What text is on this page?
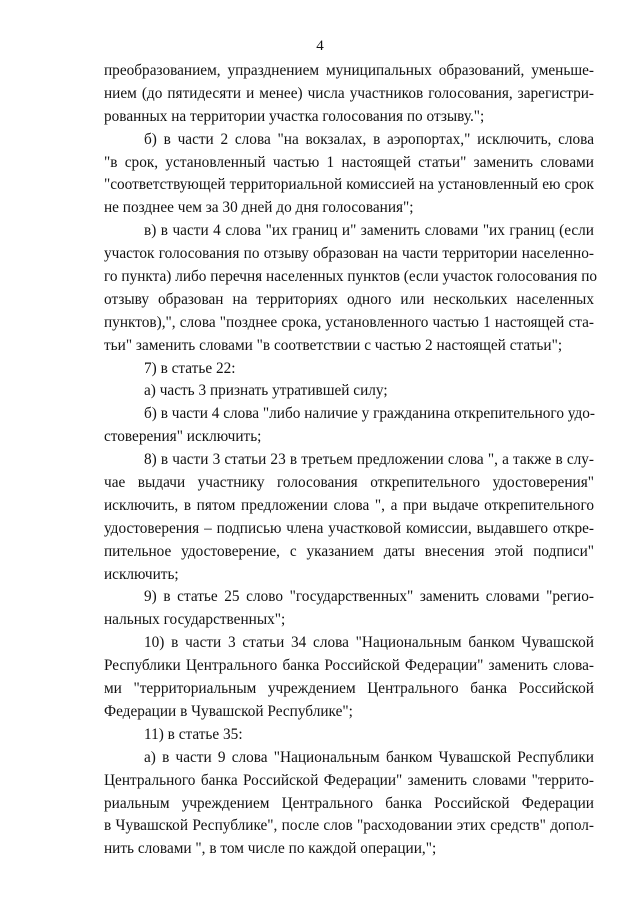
4
преобразованием, упразднением муниципальных образований, уменьше-
нием (до пятидесяти и менее) числа участников голосования, зарегистри-
рованных на территории участка голосования по отзыву.";
б) в части 2 слова "на вокзалах, в аэропортах," исключить, слова
"в срок, установленный частью 1 настоящей статьи" заменить словами
"соответствующей территориальной комиссией на установленный ею срок
не позднее чем за 30 дней до дня голосования";
в) в части 4 слова "их границ и" заменить словами "их границ (если
участок голосования по отзыву образован на части территории населенно-
го пункта) либо перечня населенных пунктов (если участок голосования по
отзыву образован на территориях одного или нескольких населенных
пунктов),", слова "позднее срока, установленного частью 1 настоящей ста-
тьи" заменить словами "в соответствии с частью 2 настоящей статьи";
7) в статье 22:
а) часть 3 признать утратившей силу;
б) в части 4 слова "либо наличие у гражданина открепительного удо-
стоверения" исключить;
8) в части 3 статьи 23 в третьем предложении слова ", а также в слу-
чае выдачи участнику голосования открепительного удостоверения"
исключить, в пятом предложении слова ", а при выдаче открепительного
удостоверения – подписью члена участковой комиссии, выдавшего откре-
пительное удостоверение, с указанием даты внесения этой подписи"
исключить;
9) в статье 25 слово "государственных" заменить словами "регио-
нальных государственных";
10) в части 3 статьи 34 слова "Национальным банком Чувашской
Республики Центрального банка Российской Федерации" заменить слова-
ми "территориальным учреждением Центрального банка Российской
Федерации в Чувашской Республике";
11) в статье 35:
а) в части 9 слова "Национальным банком Чувашской Республики
Центрального банка Российской Федерации" заменить словами "террито-
риальным учреждением Центрального банка Российской Федерации
в Чувашской Республике", после слов "расходовании этих средств" допол-
нить словами ", в том числе по каждой операции,";
